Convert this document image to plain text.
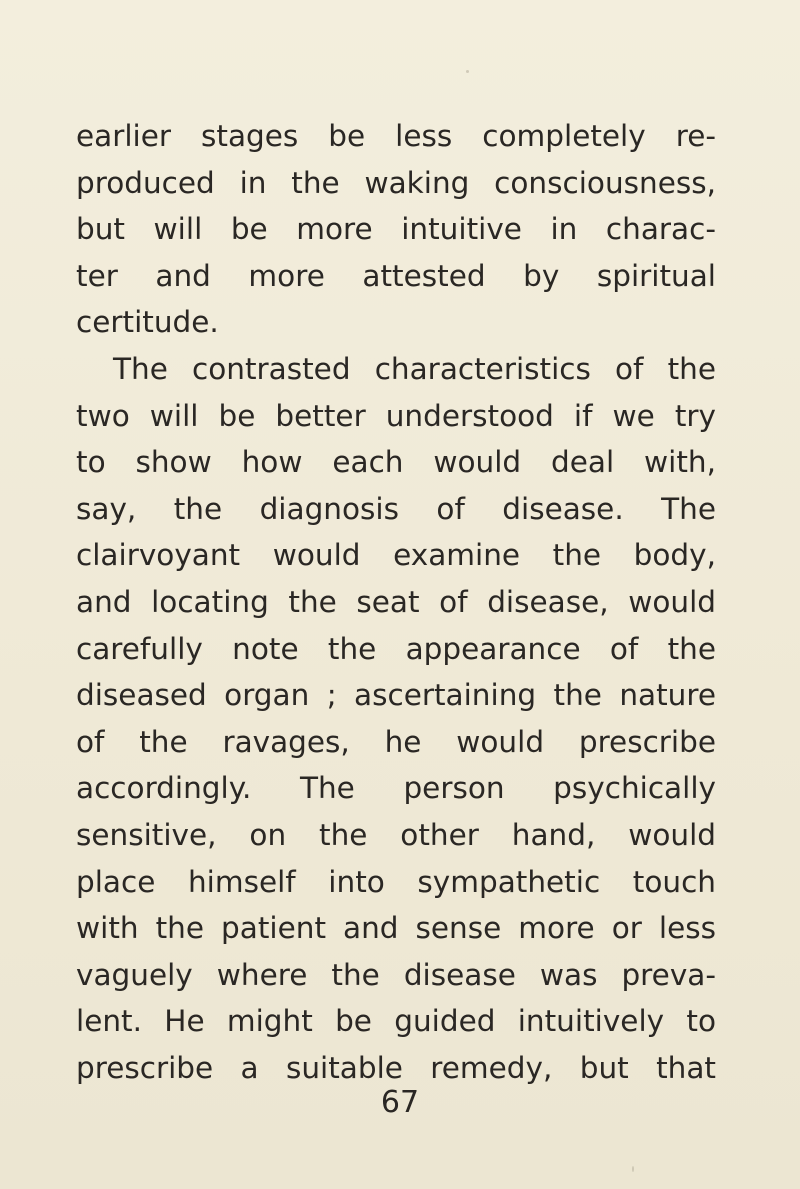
earlier stages be less completely re-
produced in the waking consciousness,
but will be more intuitive in charac-
ter and more attested by spiritual
certitude.
The contrasted characteristics of the
two will be better understood if we try
to show how each would deal with,
say, the diagnosis of disease. The
clairvoyant would examine the body,
and locating the seat of disease, would
carefully note the appearance of the
diseased organ ; ascertaining the nature
of the ravages, he would prescribe
accordingly. The person psychically
sensitive, on the other hand, would
place himself into sympathetic touch
with the patient and sense more or less
vaguely where the disease was preva-
lent. He might be guided intuitively to
prescribe a suitable remedy, but that
67
